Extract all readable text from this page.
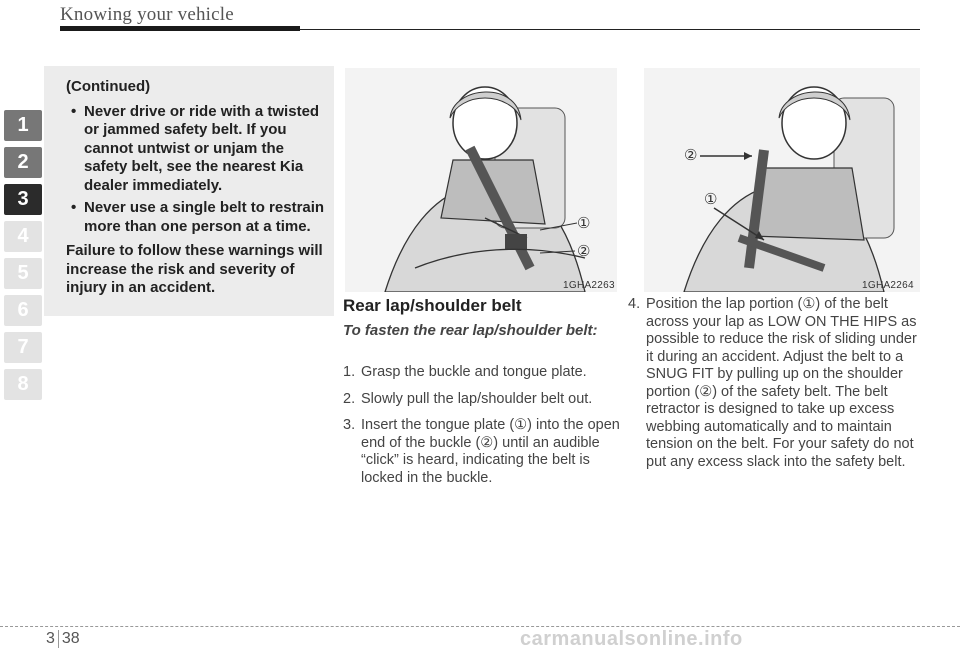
Knowing your vehicle
1
2
3
4
5
6
7
8

(Continued)

• Never drive or ride with a twisted or jammed safety belt. If you cannot untwist or unjam the safety belt, see the nearest Kia dealer immediately.
• Never use a single belt to restrain more than one person at a time.

Failure to follow these warnings will increase the risk and severity of injury in an accident.

①
②
1GHA2263
②
①
1GHA2264
Rear lap/shoulder belt
To fasten the rear lap/shoulder belt:
1. Grasp the buckle and tongue plate.
2. Slowly pull the lap/shoulder belt out.
3. Insert the tongue plate (①) into the open end of the buckle (②) until an audible “click” is heard, indicating the belt is locked in the buckle.
4. Position the lap portion (①) of the belt across your lap as LOW ON THE HIPS as possible to reduce the risk of sliding under it during an accident. Adjust the belt to a SNUG FIT by pulling up on the shoulder portion (②) of the safety belt. The belt retractor is designed to take up excess webbing automatically and to maintain tension on the belt. For your safety do not put any excess slack into the safety belt.
3 38	carmanualsonline.info
